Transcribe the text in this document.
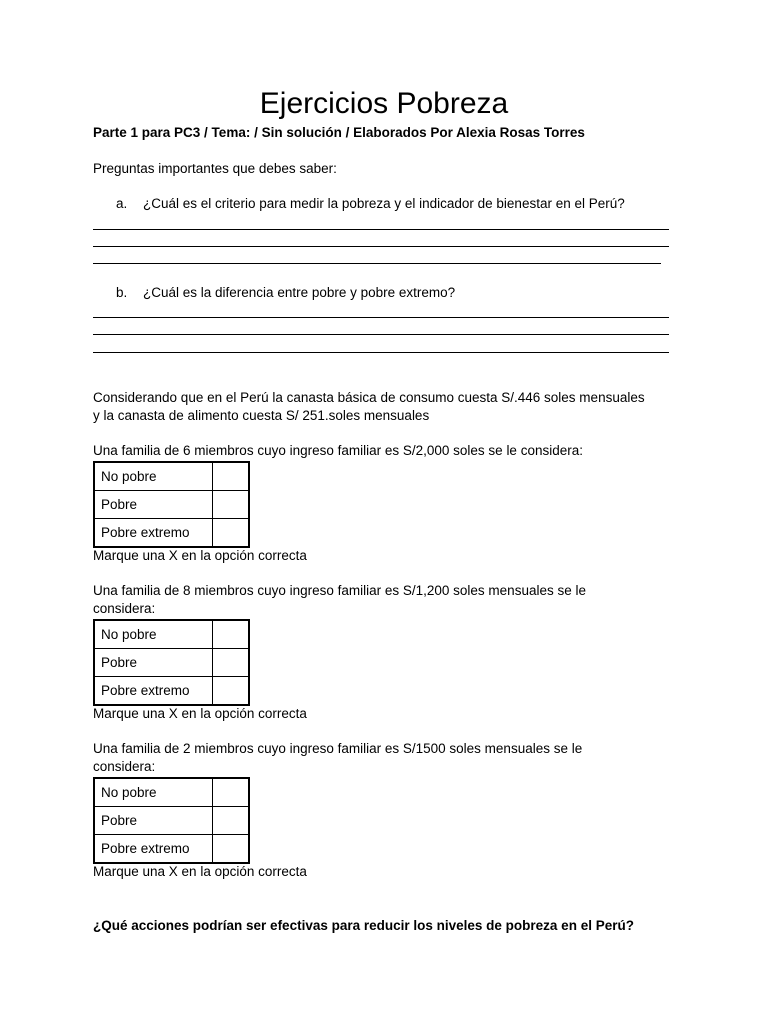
Ejercicios Pobreza
Parte 1 para PC3 / Tema: / Sin solución / Elaborados Por Alexia Rosas Torres
Preguntas importantes que debes saber:
a. ¿Cuál es el criterio para medir la pobreza y el indicador de bienestar en el Perú?
b. ¿Cuál es la diferencia entre pobre y pobre extremo?
Considerando que en el Perú la canasta básica de consumo cuesta S/.446 soles mensuales
y la canasta de alimento cuesta S/ 251.soles mensuales
Una familia de 6 miembros cuyo ingreso familiar es S/2,000 soles se le considera:
No pobre	
Pobre	
Pobre extremo	
Marque una X en la opción correcta
Una familia de 8 miembros cuyo ingreso familiar es S/1,200 soles mensuales se le
considera:
No pobre	
Pobre	
Pobre extremo	
Marque una X en la opción correcta
Una familia de 2 miembros cuyo ingreso familiar es S/1500 soles mensuales se le
considera:
No pobre	
Pobre	
Pobre extremo	
Marque una X en la opción correcta
¿Qué acciones podrían ser efectivas para reducir los niveles de pobreza en el Perú?
